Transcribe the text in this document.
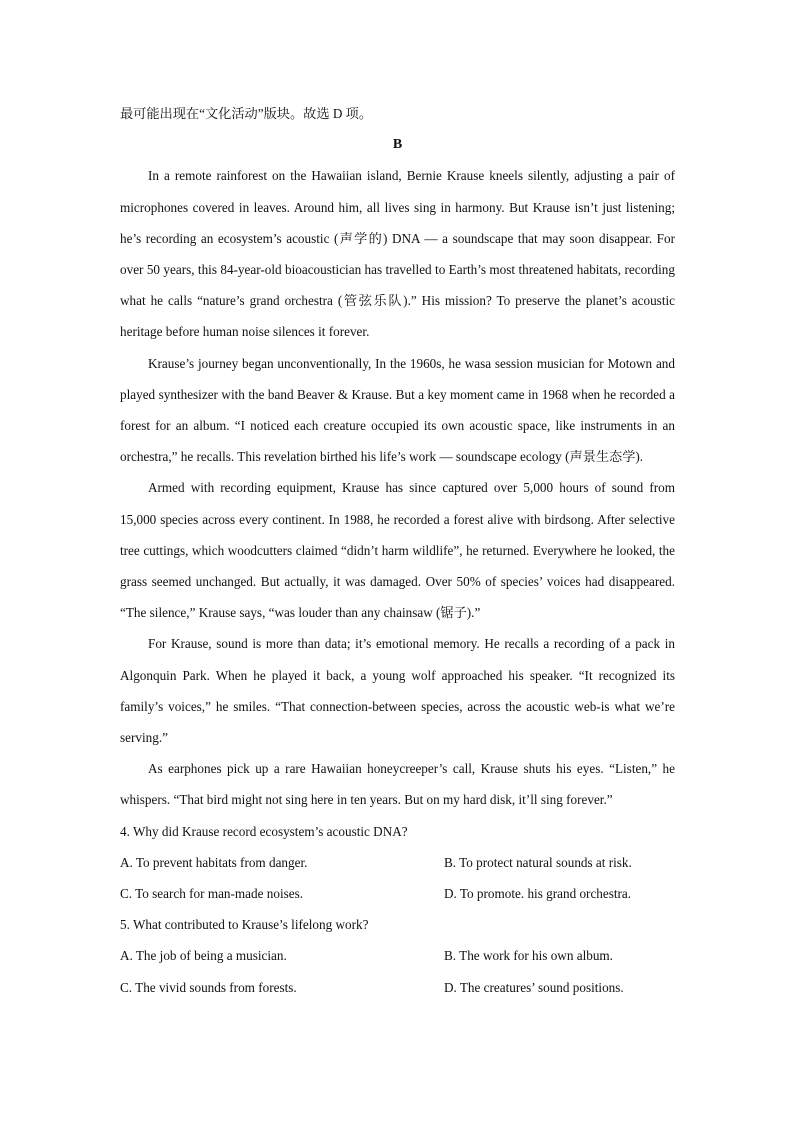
最可能出现在“文化活动”版块。故选 D 项。

B

In a remote rainforest on the Hawaiian island, Bernie Krause kneels silently, adjusting a pair of microphones covered in leaves. Around him, all lives sing in harmony. But Krause isn’t just listening; he’s recording an ecosystem’s acoustic (声学的) DNA — a soundscape that may soon disappear. For over 50 years, this 84-year-old bioacoustician has travelled to Earth’s most threatened habitats, recording what he calls “nature’s grand orchestra (管弦乐队).” His mission? To preserve the planet’s acoustic heritage before human noise silences it forever.

Krause’s journey began unconventionally, In the 1960s, he wasa session musician for Motown and played synthesizer with the band Beaver & Krause. But a key moment came in 1968 when he recorded a forest for an album. “I noticed each creature occupied its own acoustic space, like instruments in an orchestra,” he recalls. This revelation birthed his life’s work — soundscape ecology (声景生态学).

Armed with recording equipment, Krause has since captured over 5,000 hours of sound from 15,000 species across every continent. In 1988, he recorded a forest alive with birdsong. After selective tree cuttings, which woodcutters claimed “didn’t harm wildlife”, he returned. Everywhere he looked, the grass seemed unchanged. But actually, it was damaged. Over 50% of species’ voices had disappeared. “The silence,” Krause says, “was louder than any chainsaw (锯子).”

For Krause, sound is more than data; it’s emotional memory. He recalls a recording of a pack in Algonquin Park. When he played it back, a young wolf approached his speaker. “It recognized its family’s voices,” he smiles. “That connection-between species, across the acoustic web-is what we’re serving.”

As earphones pick up a rare Hawaiian honeycreeper’s call, Krause shuts his eyes. “Listen,” he whispers. “That bird might not sing here in ten years. But on my hard disk, it’ll sing forever.”

4. Why did Krause record ecosystem’s acoustic DNA?

A. To prevent habitats from danger.	B. To protect natural sounds at risk.
C. To search for man-made noises.	D. To promote. his grand orchestra.

5. What contributed to Krause’s lifelong work?

A. The job of being a musician.	B. The work for his own album.
C. The vivid sounds from forests.	D. The creatures’ sound positions.
